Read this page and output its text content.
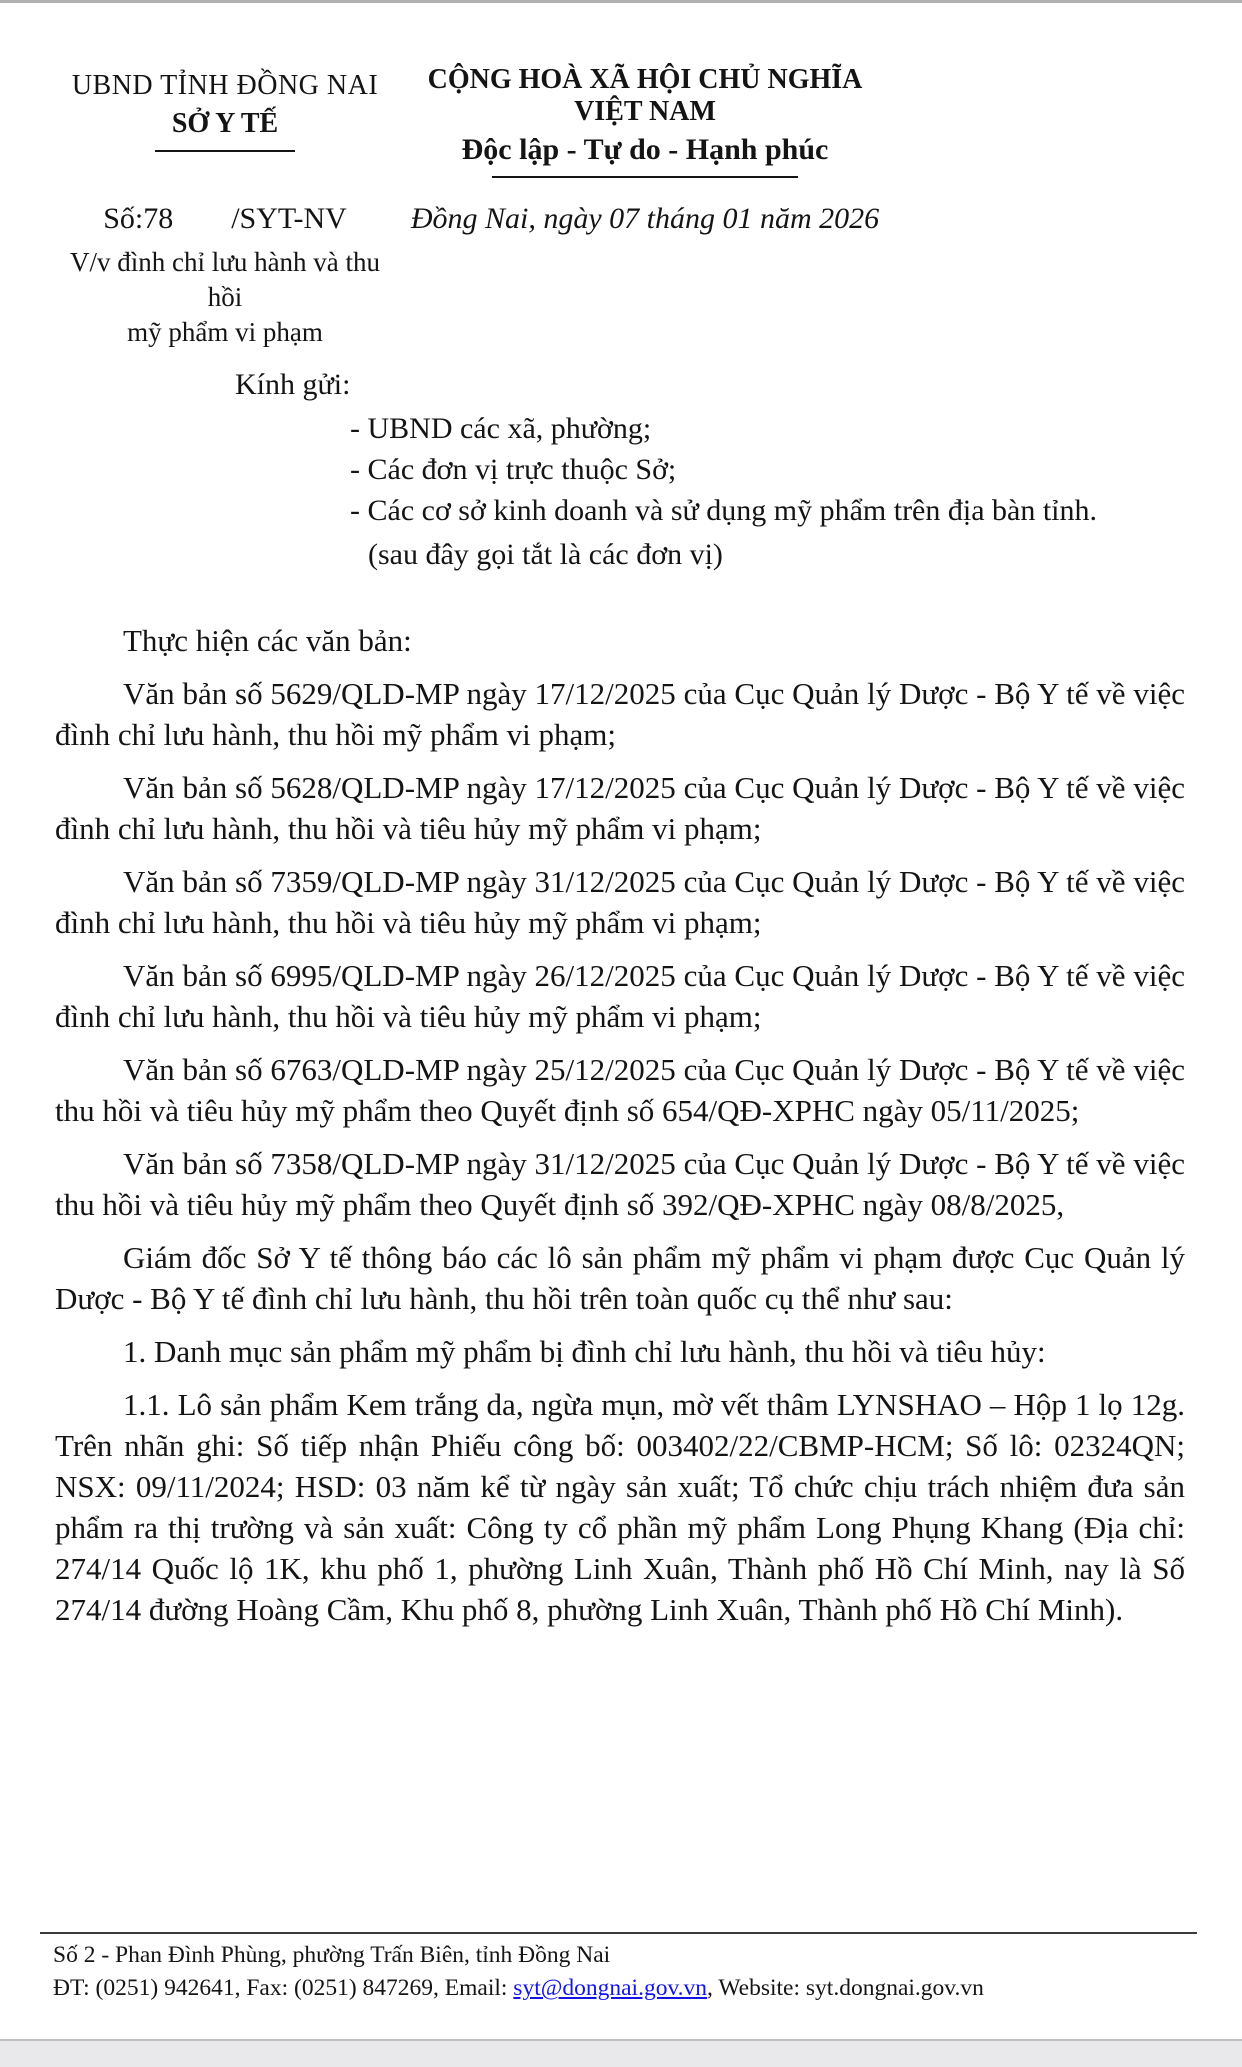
UBND TỈNH ĐỒNG NAI
SỞ Y TẾ
CỘNG HOÀ XÃ HỘI CHỦ NGHĨA VIỆT NAM
Độc lập - Tự do - Hạnh phúc
Số:78 /SYT-NV	Đồng Nai, ngày 07 tháng 01 năm 2026
V/v đình chỉ lưu hành và thu hồi
mỹ phẩm vi phạm
Kính gửi:
- UBND các xã, phường;
- Các đơn vị trực thuộc Sở;
- Các cơ sở kinh doanh và sử dụng mỹ phẩm trên địa bàn tỉnh.
(sau đây gọi tắt là các đơn vị)

Thực hiện các văn bản:

Văn bản số 5629/QLD-MP ngày 17/12/2025 của Cục Quản lý Dược - Bộ Y tế về việc đình chỉ lưu hành, thu hồi mỹ phẩm vi phạm;

Văn bản số 5628/QLD-MP ngày 17/12/2025 của Cục Quản lý Dược - Bộ Y tế về việc đình chỉ lưu hành, thu hồi và tiêu hủy mỹ phẩm vi phạm;

Văn bản số 7359/QLD-MP ngày 31/12/2025 của Cục Quản lý Dược - Bộ Y tế về việc đình chỉ lưu hành, thu hồi và tiêu hủy mỹ phẩm vi phạm;

Văn bản số 6995/QLD-MP ngày 26/12/2025 của Cục Quản lý Dược - Bộ Y tế về việc đình chỉ lưu hành, thu hồi và tiêu hủy mỹ phẩm vi phạm;

Văn bản số 6763/QLD-MP ngày 25/12/2025 của Cục Quản lý Dược - Bộ Y tế về việc thu hồi và tiêu hủy mỹ phẩm theo Quyết định số 654/QĐ-XPHC ngày 05/11/2025;

Văn bản số 7358/QLD-MP ngày 31/12/2025 của Cục Quản lý Dược - Bộ Y tế về việc thu hồi và tiêu hủy mỹ phẩm theo Quyết định số 392/QĐ-XPHC ngày 08/8/2025,

Giám đốc Sở Y tế thông báo các lô sản phẩm mỹ phẩm vi phạm được Cục Quản lý Dược - Bộ Y tế đình chỉ lưu hành, thu hồi trên toàn quốc cụ thể như sau:

1. Danh mục sản phẩm mỹ phẩm bị đình chỉ lưu hành, thu hồi và tiêu hủy:

1.1. Lô sản phẩm Kem trắng da, ngừa mụn, mờ vết thâm LYNSHAO – Hộp 1 lọ 12g. Trên nhãn ghi: Số tiếp nhận Phiếu công bố: 003402/22/CBMP-HCM; Số lô: 02324QN; NSX: 09/11/2024; HSD: 03 năm kể từ ngày sản xuất; Tổ chức chịu trách nhiệm đưa sản phẩm ra thị trường và sản xuất: Công ty cổ phần mỹ phẩm Long Phụng Khang (Địa chỉ: 274/14 Quốc lộ 1K, khu phố 1, phường Linh Xuân, Thành phố Hồ Chí Minh, nay là Số 274/14 đường Hoàng Cầm, Khu phố 8, phường Linh Xuân, Thành phố Hồ Chí Minh).

Số 2 - Phan Đình Phùng, phường Trấn Biên, tỉnh Đồng Nai
ĐT: (0251) 942641, Fax: (0251) 847269, Email: syt@dongnai.gov.vn, Website: syt.dongnai.gov.vn
